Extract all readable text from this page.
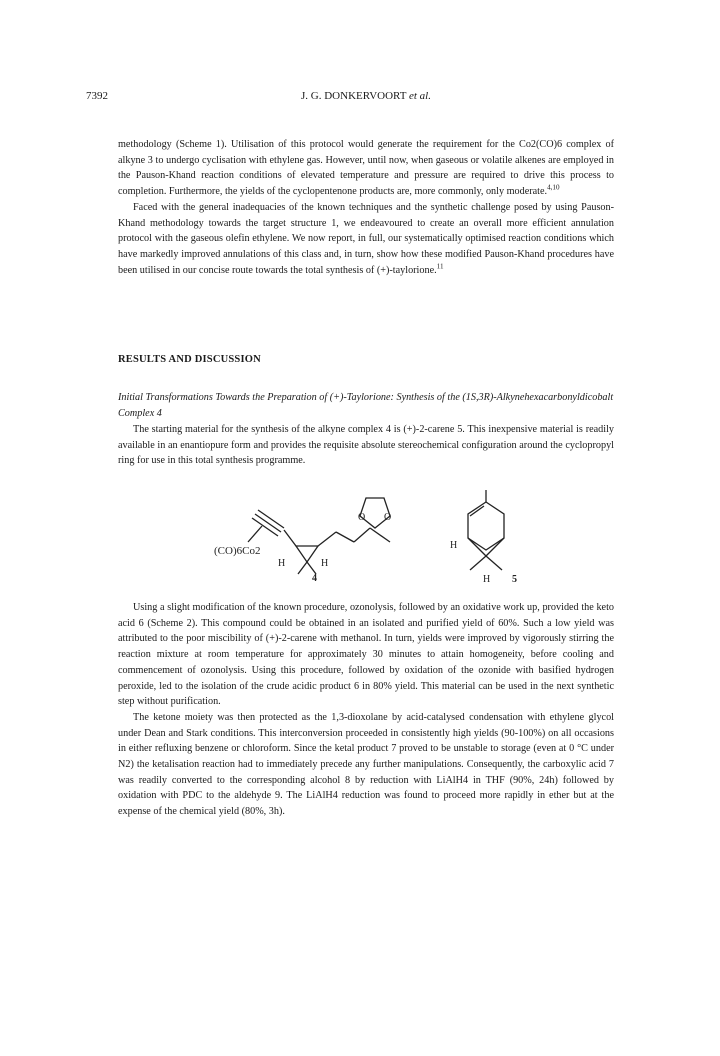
7392	J. G. DONKERVOORT et al.

methodology (Scheme 1). Utilisation of this protocol would generate the requirement for the Co2(CO)6 complex of alkyne 3 to undergo cyclisation with ethylene gas. However, until now, when gaseous or volatile alkenes are employed in the Pauson-Khand reaction conditions of elevated temperature and pressure are required to drive this process to completion. Furthermore, the yields of the cyclopentenone products are, more commonly, only moderate.$^{4,10}$

Faced with the general inadequacies of the known techniques and the synthetic challenge posed by using Pauson-Khand methodology towards the target structure 1, we endeavoured to create an overall more efficient annulation protocol with the gaseous olefin ethylene. We now report, in full, our systematically optimised reaction conditions which have markedly improved annulations of this class and, in turn, show how these modified Pauson-Khand procedures have been utilised in our concise route towards the total synthesis of (+)-taylorione.$^{11}$

RESULTS AND DISCUSSION
Initial Transformations Towards the Preparation of (+)-Taylorione: Synthesis of the (1S,3R)-Alkynehexacarbonyldicobalt Complex 4

The starting material for the synthesis of the alkyne complex 4 is (+)-2-carene 5. This inexpensive material is readily available in an enantiopure form and provides the requisite absolute stereochemical configuration around the cyclopropyl ring for use in this total synthesis programme.

(CO)6Co2
H	H
4
O O
H
H 5

Using a slight modification of the known procedure, ozonolysis, followed by an oxidative work up, provided the keto acid 6 (Scheme 2). This compound could be obtained in an isolated and purified yield of 60%. Such a low yield was attributed to the poor miscibility of (+)-2-carene with methanol. In turn, yields were improved by vigorously stirring the reaction mixture at room temperature for approximately 30 minutes to attain homogeneity, before cooling and commencement of ozonolysis. Using this procedure, followed by oxidation of the ozonide with basified hydrogen peroxide, led to the isolation of the crude acidic product 6 in 80% yield. This material can be used in the next synthetic step without purification.

The ketone moiety was then protected as the 1,3-dioxolane by acid-catalysed condensation with ethylene glycol under Dean and Stark conditions. This interconversion proceeded in consistently high yields (90-100%) on all occasions in either refluxing benzene or chloroform. Since the ketal product 7 proved to be unstable to storage (even at 0 °C under N2) the ketalisation reaction had to immediately precede any further manipulations. Consequently, the carboxylic acid 7 was readily converted to the corresponding alcohol 8 by reduction with LiAlH4 in THF (90%, 24h) followed by oxidation with PDC to the aldehyde 9. The LiAlH4 reduction was found to proceed more rapidly in ether but at the expense of the chemical yield (80%, 3h).
